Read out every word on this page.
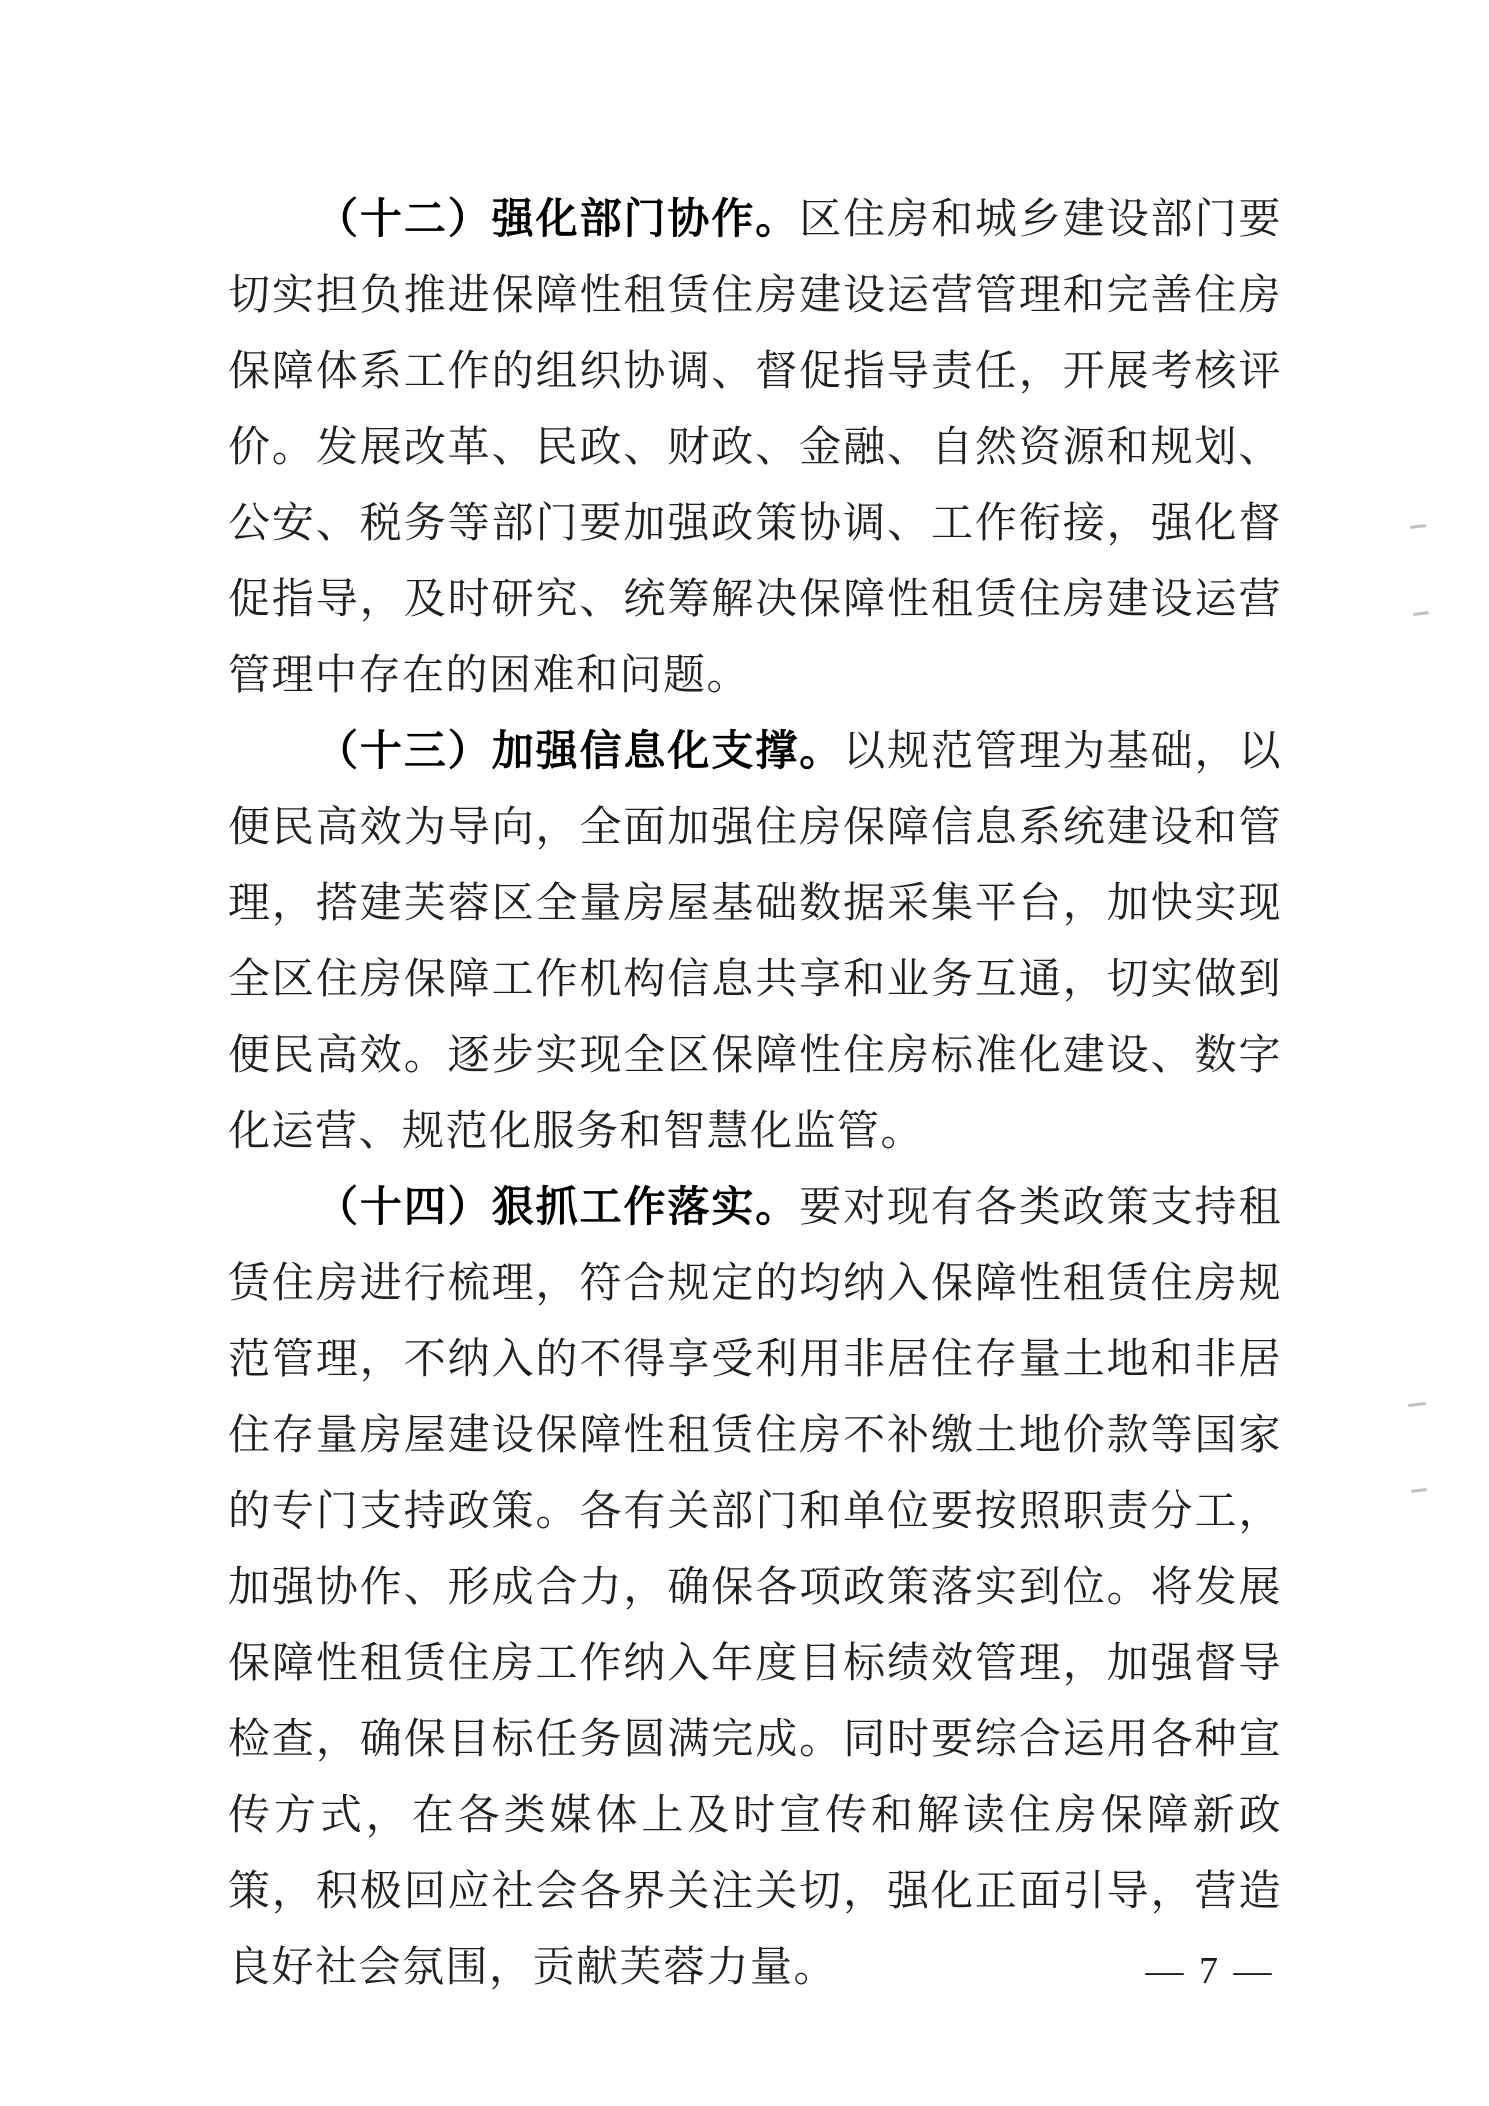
（十二）强化部门协作。区住房和城乡建设部门要切实担负推进保障性租赁住房建设运营管理和完善住房保障体系工作的组织协调、督促指导责任，开展考核评价。发展改革、民政、财政、金融、自然资源和规划、公安、税务等部门要加强政策协调、工作衔接，强化督促指导，及时研究、统筹解决保障性租赁住房建设运营管理中存在的困难和问题。

（十三）加强信息化支撑。以规范管理为基础，以便民高效为导向，全面加强住房保障信息系统建设和管理，搭建芙蓉区全量房屋基础数据采集平台，加快实现全区住房保障工作机构信息共享和业务互通，切实做到便民高效。逐步实现全区保障性住房标准化建设、数字化运营、规范化服务和智慧化监管。

（十四）狠抓工作落实。要对现有各类政策支持租赁住房进行梳理，符合规定的均纳入保障性租赁住房规范管理，不纳入的不得享受利用非居住存量土地和非居住存量房屋建设保障性租赁住房不补缴土地价款等国家的专门支持政策。各有关部门和单位要按照职责分工，加强协作、形成合力，确保各项政策落实到位。将发展保障性租赁住房工作纳入年度目标绩效管理，加强督导检查，确保目标任务圆满完成。同时要综合运用各种宣传方式，在各类媒体上及时宣传和解读住房保障新政策，积极回应社会各界关注关切，强化正面引导，营造良好社会氛围，贡献芙蓉力量。	— 7 —
